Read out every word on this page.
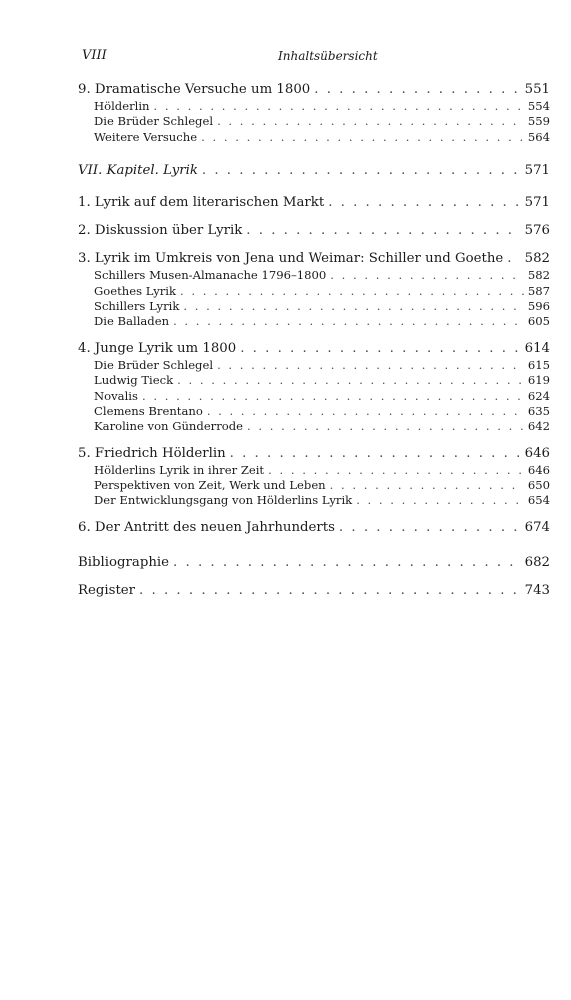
VIII	Inhaltsübersicht
9. Dramatische Versuche um 1800 . . .	551
Hölderlin . . .	554
Die Brüder Schlegel . . .	559
Weitere Versuche . . .	564
VII. Kapitel. Lyrik . . .	571
1. Lyrik auf dem literarischen Markt . . .	571
2. Diskussion über Lyrik . . .	576
3. Lyrik im Umkreis von Jena und Weimar: Schiller und Goethe . . . 582
Schillers Musen-Almanache 1796–1800 . . .	582
Goethes Lyrik . . .	587
Schillers Lyrik . . .	596
Die Balladen . . .	605
4. Junge Lyrik um 1800 . . .	614
Die Brüder Schlegel . . .	615
Ludwig Tieck . . .	619
Novalis . . .	624
Clemens Brentano . . .	635
Karoline von Günderrode . . .	642
5. Friedrich Hölderlin . . .	646
Hölderlins Lyrik in ihrer Zeit . . .	646
Perspektiven von Zeit, Werk und Leben . . .	650
Der Entwicklungsgang von Hölderlins Lyrik . . .	654
6. Der Antritt des neuen Jahrhunderts . . .	674
Bibliographie . . .	682
Register . . .	743
